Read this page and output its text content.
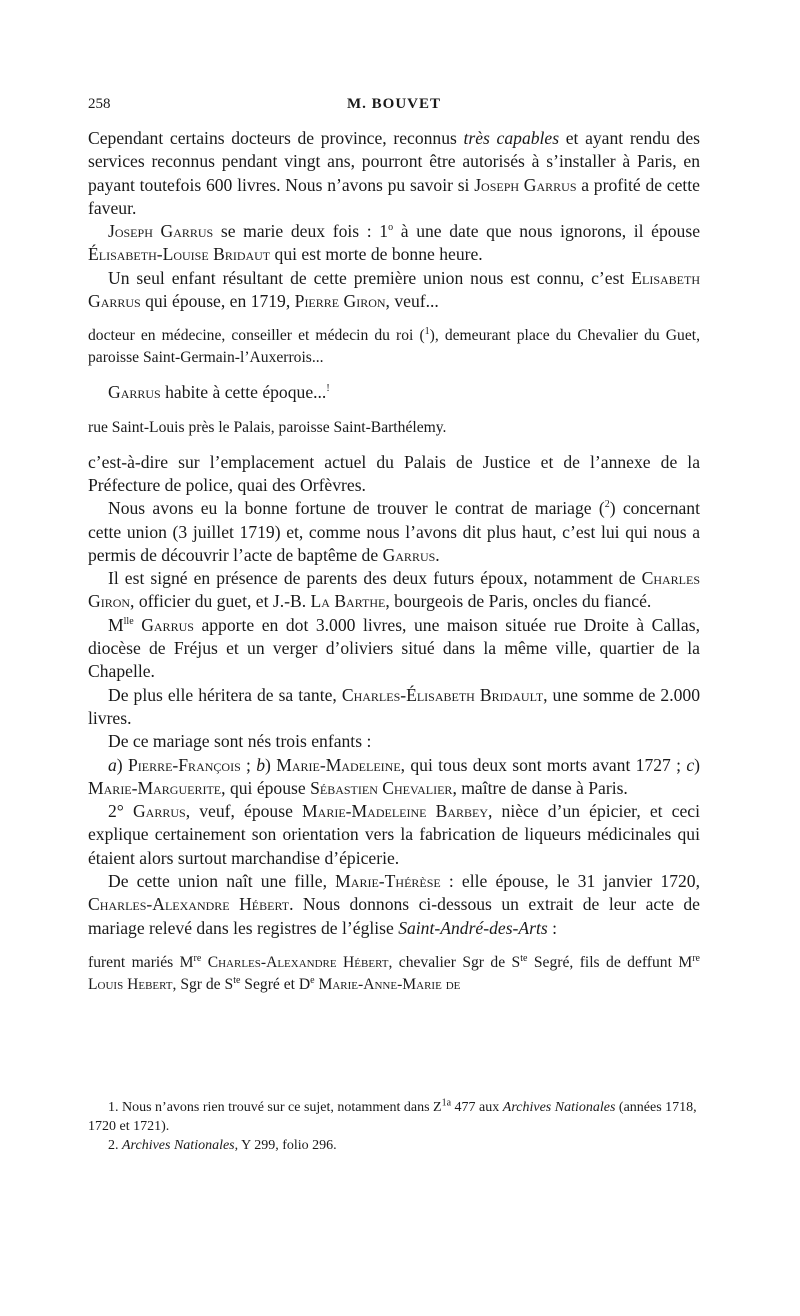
258	M. BOUVET

Cependant certains docteurs de province, reconnus très capables et ayant rendu des services reconnus pendant vingt ans, pourront être autorisés à s’installer à Paris, en payant toutefois 600 livres. Nous n’avons pu savoir si Joseph Garrus a profité de cette faveur.

Joseph Garrus se marie deux fois : 1$^o$ à une date que nous ignorons, il épouse Élisabeth-Louise Bridaut qui est morte de bonne heure.

Un seul enfant résultant de cette première union nous est connu, c’est Elisabeth Garrus qui épouse, en 1719, Pierre Giron, veuf...

docteur en médecine, conseiller et médecin du roi ($^1$), demeurant place du Chevalier du Guet, paroisse Saint-Germain-l’Auxerrois...

Garrus habite à cette époque...!

rue Saint-Louis près le Palais, paroisse Saint-Barthélemy.

c’est-à-dire sur l’emplacement actuel du Palais de Justice et de l’annexe de la Préfecture de police, quai des Orfèvres.

Nous avons eu la bonne fortune de trouver le contrat de mariage ($^2$) concernant cette union (3 juillet 1719) et, comme nous l’avons dit plus haut, c’est lui qui nous a permis de découvrir l’acte de baptême de Garrus.

Il est signé en présence de parents des deux futurs époux, notamment de Charles Giron, officier du guet, et J.-B. La Barthe, bourgeois de Paris, oncles du fiancé.

$M^{lle}$ Garrus apporte en dot 3.000 livres, une maison située rue Droite à Callas, diocèse de Fréjus et un verger d’oliviers situé dans la même ville, quartier de la Chapelle.

De plus elle héritera de sa tante, Charles-Élisabeth Bridault, une somme de 2.000 livres.

De ce mariage sont nés trois enfants :

a) Pierre-François ; b) Marie-Madeleine, qui tous deux sont morts avant 1727 ; c) Marie-Marguerite, qui épouse Sébastien Chevalier, maître de danse à Paris.

2° Garrus, veuf, épouse Marie-Madeleine Barbey, nièce d’un épicier, et ceci explique certainement son orientation vers la fabrication de liqueurs médicinales qui étaient alors surtout marchandise d’épicerie.

De cette union naît une fille, Marie-Thérèse : elle épouse, le 31 janvier 1720, Charles-Alexandre Hébert. Nous donnons ci-dessous un extrait de leur acte de mariage relevé dans les registres de l’église Saint-André-des-Arts :

furent mariés Mre Charles-Alexandre Hébert, chevalier Sgr de $S^{te}$ Segré, fils de deffunt Mre Louis Hebert, Sgr de $S^{te}$ Segré et De Marie-Anne-Marie de

1. Nous n’avons rien trouvé sur ce sujet, notamment dans $Z^{1a}$ 477 aux Archives Nationales (années 1718, 1720 et 1721).

2. Archives Nationales, Y 299, folio 296.
